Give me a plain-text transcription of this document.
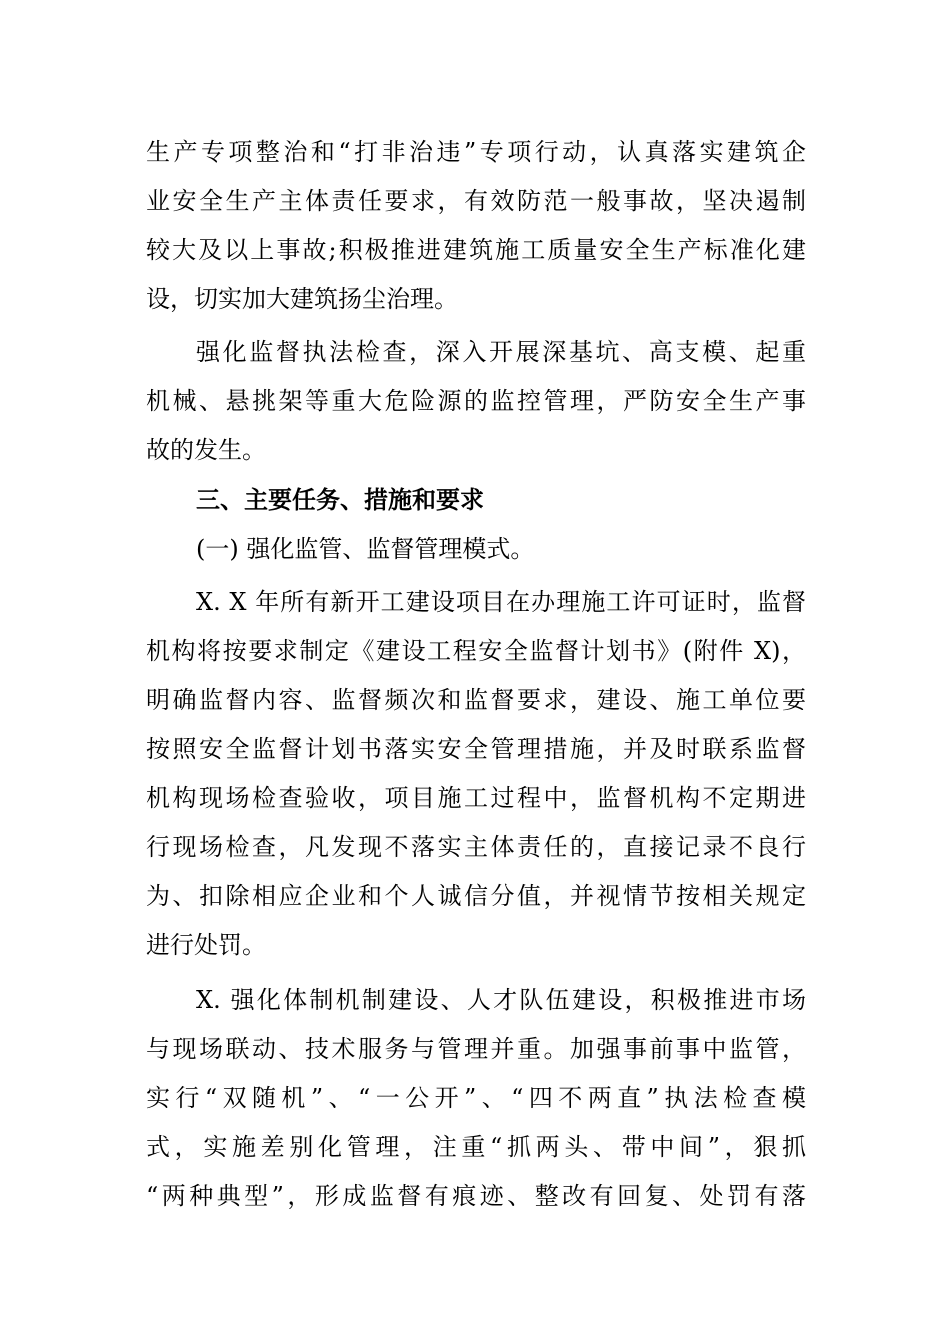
生产专项整治和“打非治违”专项行动，认真落实建筑企
业安全生产主体责任要求，有效防范一般事故，坚决遏制
较大及以上事故;积极推进建筑施工质量安全生产标准化建
设，切实加大建筑扬尘治理。
强化监督执法检查，深入开展深基坑、高支模、起重
机械、悬挑架等重大危险源的监控管理，严防安全生产事
故的发生。
三、主要任务、措施和要求
(一) 强化监管、监督管理模式。
X. X 年所有新开工建设项目在办理施工许可证时，监督
机构将按要求制定《建设工程安全监督计划书》(附件 X)，
明确监督内容、监督频次和监督要求，建设、施工单位要
按照安全监督计划书落实安全管理措施，并及时联系监督
机构现场检查验收，项目施工过程中，监督机构不定期进
行现场检查，凡发现不落实主体责任的，直接记录不良行
为、扣除相应企业和个人诚信分值，并视情节按相关规定
进行处罚。
X. 强化体制机制建设、人才队伍建设，积极推进市场
与现场联动、技术服务与管理并重。加强事前事中监管，
实行“双随机”、“一公开”、“四不两直”执法检查模
式，实施差别化管理，注重“抓两头、带中间”，狠抓
“两种典型”，形成监督有痕迹、整改有回复、处罚有落
